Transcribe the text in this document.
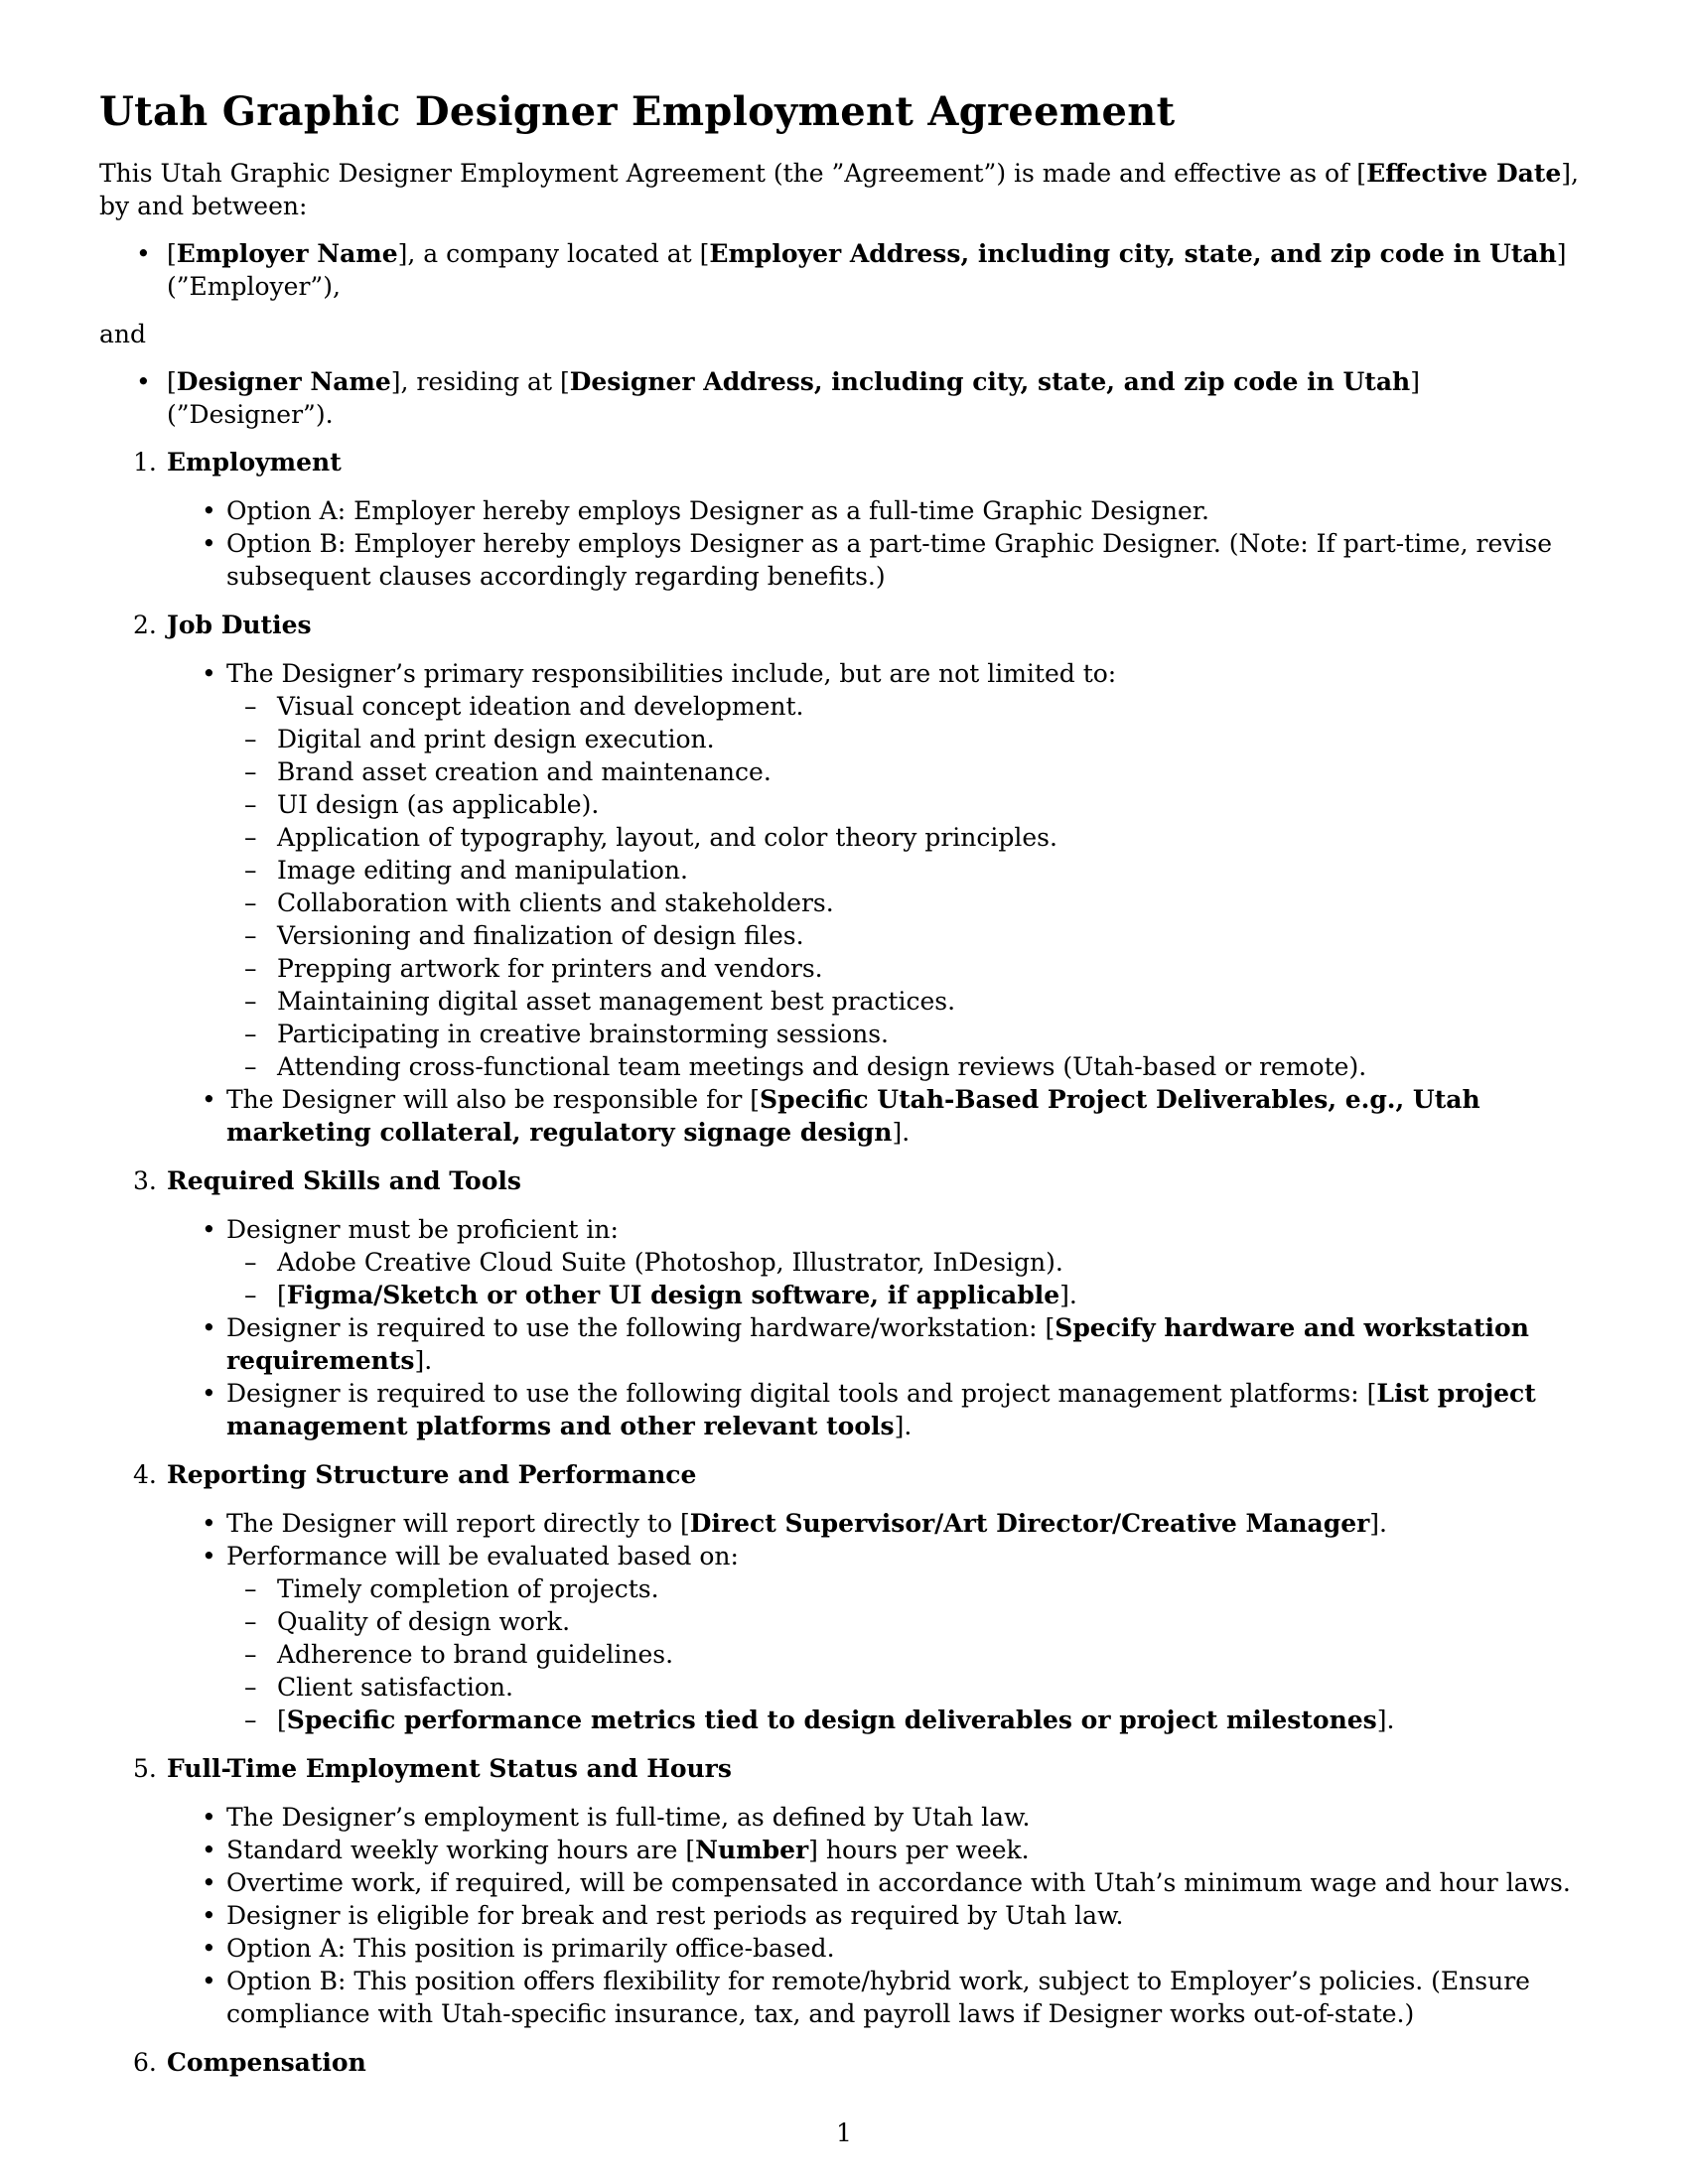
Utah Graphic Designer Employment Agreement

This Utah Graphic Designer Employment Agreement (the ”Agreement”) is made and effective as of [Effective Date], by and between:

• [Employer Name], a company located at [Employer Address, including city, state, and zip code in Utah] (”Employer”),

and

• [Designer Name], residing at [Designer Address, including city, state, and zip code in Utah] (”Designer”).
1. Employment
• Option A: Employer hereby employs Designer as a full-time Graphic Designer.
• Option B: Employer hereby employs Designer as a part-time Graphic Designer. (Note: If part-time, revise subsequent clauses accordingly regarding benefits.)
2. Job Duties
• The Designer’s primary responsibilities include, but are not limited to:
– Visual concept ideation and development.
– Digital and print design execution.
– Brand asset creation and maintenance.
– UI design (as applicable).
– Application of typography, layout, and color theory principles.
– Image editing and manipulation.
– Collaboration with clients and stakeholders.
– Versioning and finalization of design files.
– Prepping artwork for printers and vendors.
– Maintaining digital asset management best practices.
– Participating in creative brainstorming sessions.
– Attending cross-functional team meetings and design reviews (Utah-based or remote).
• The Designer will also be responsible for [Specific Utah-Based Project Deliverables, e.g., Utah marketing collateral, regulatory signage design].
3. Required Skills and Tools
• Designer must be proficient in:
– Adobe Creative Cloud Suite (Photoshop, Illustrator, InDesign).
– [Figma/Sketch or other UI design software, if applicable].
• Designer is required to use the following hardware/workstation: [Specify hardware and workstation requirements].
• Designer is required to use the following digital tools and project management platforms: [List project management platforms and other relevant tools].
4. Reporting Structure and Performance
• The Designer will report directly to [Direct Supervisor/Art Director/Creative Manager].
• Performance will be evaluated based on:
– Timely completion of projects.
– Quality of design work.
– Adherence to brand guidelines.
– Client satisfaction.
– [Specific performance metrics tied to design deliverables or project milestones].
5. Full-Time Employment Status and Hours
• The Designer’s employment is full-time, as defined by Utah law.
• Standard weekly working hours are [Number] hours per week.
• Overtime work, if required, will be compensated in accordance with Utah’s minimum wage and hour laws.
• Designer is eligible for break and rest periods as required by Utah law.
• Option A: This position is primarily office-based.
• Option B: This position offers flexibility for remote/hybrid work, subject to Employer’s policies. (Ensure compliance with Utah-specific insurance, tax, and payroll laws if Designer works out-of-state.)
6. Compensation
1
